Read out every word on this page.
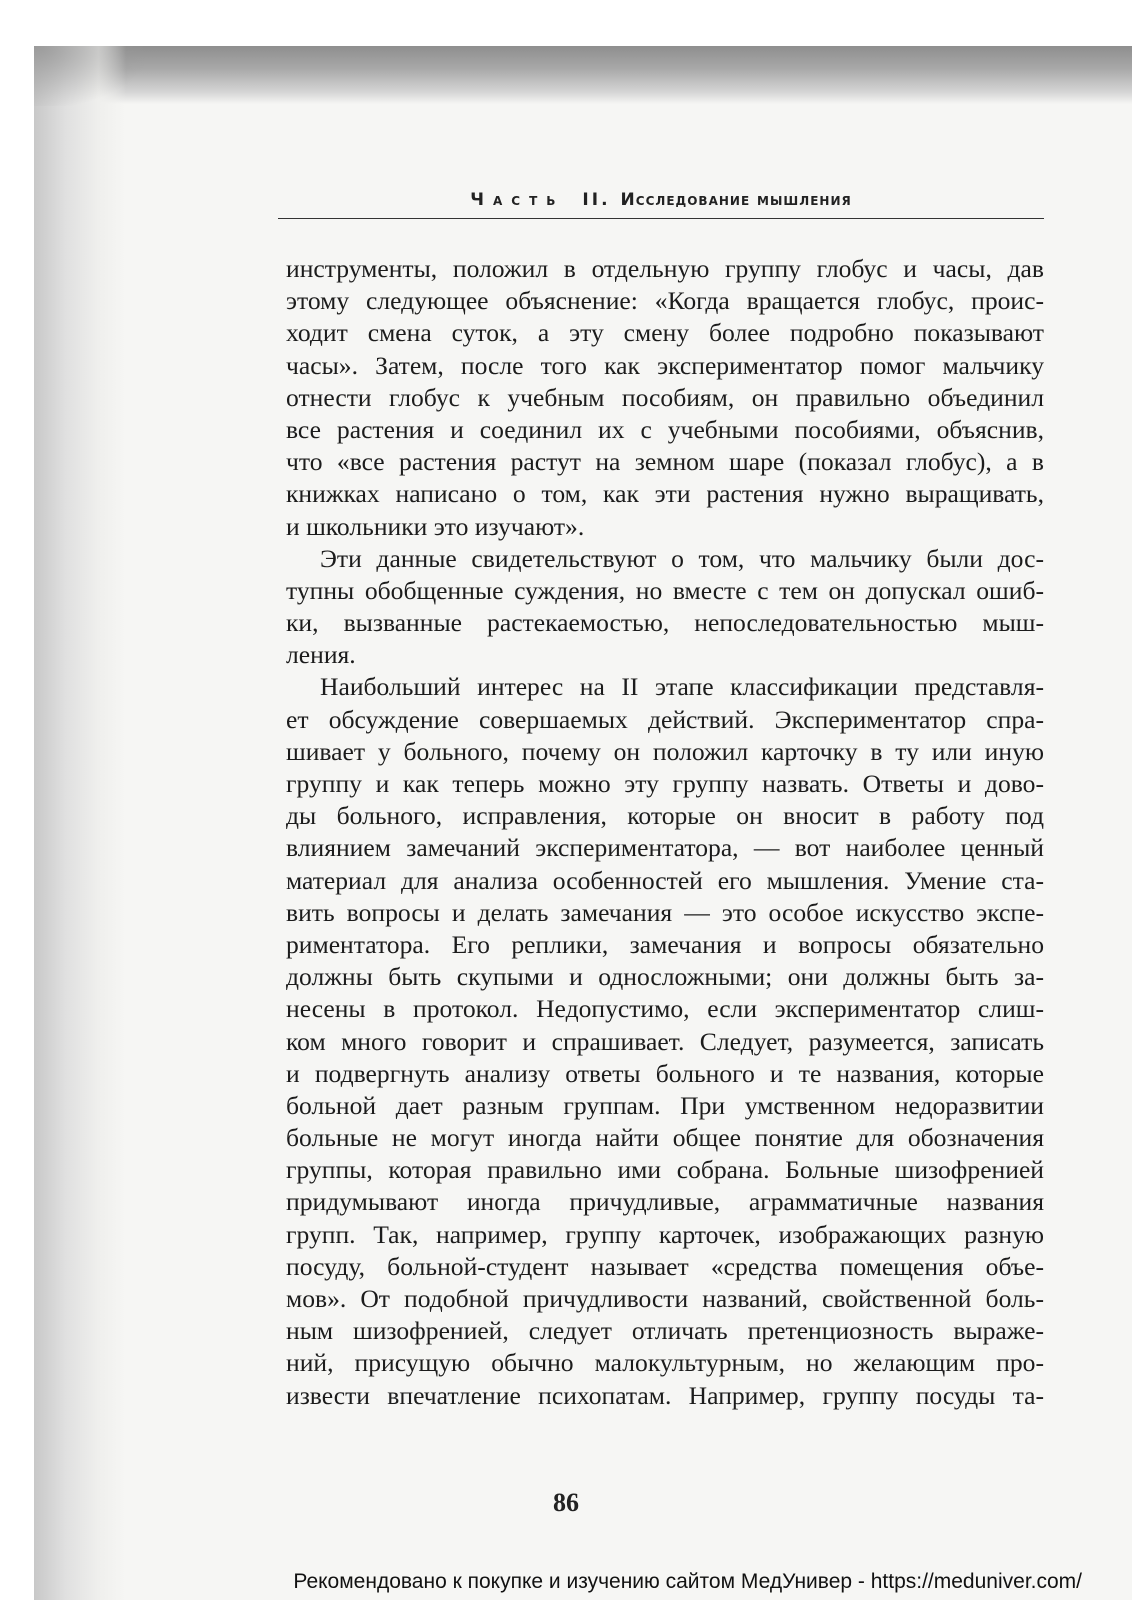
Часть II. Исследование мышления
инструменты, положил в отдельную группу глобус и часы, дав
этому следующее объяснение: «Когда вращается глобус, проис-
ходит смена суток, а эту смену более подробно показывают
часы». Затем, после того как экспериментатор помог мальчику
отнести глобус к учебным пособиям, он правильно объединил
все растения и соединил их с учебными пособиями, объяснив,
что «все растения растут на земном шаре (показал глобус), а в
книжках написано о том, как эти растения нужно выращивать,
и школьники это изучают».
Эти данные свидетельствуют о том, что мальчику были дос-
тупны обобщенные суждения, но вместе с тем он допускал ошиб-
ки, вызванные растекаемостью, непоследовательностью мыш-
ления.
Наибольший интерес на II этапе классификации представля-
ет обсуждение совершаемых действий. Экспериментатор спра-
шивает у больного, почему он положил карточку в ту или иную
группу и как теперь можно эту группу назвать. Ответы и дово-
ды больного, исправления, которые он вносит в работу под
влиянием замечаний экспериментатора, — вот наиболее ценный
материал для анализа особенностей его мышления. Умение ста-
вить вопросы и делать замечания — это особое искусство экспе-
риментатора. Его реплики, замечания и вопросы обязательно
должны быть скупыми и односложными; они должны быть за-
несены в протокол. Недопустимо, если экспериментатор слиш-
ком много говорит и спрашивает. Следует, разумеется, записать
и подвергнуть анализу ответы больного и те названия, которые
больной дает разным группам. При умственном недоразвитии
больные не могут иногда найти общее понятие для обозначения
группы, которая правильно ими собрана. Больные шизофренией
придумывают иногда причудливые, аграмматичные названия
групп. Так, например, группу карточек, изображающих разную
посуду, больной-студент называет «средства помещения объе-
мов». От подобной причудливости названий, свойственной боль-
ным шизофренией, следует отличать претенциозность выраже-
ний, присущую обычно малокультурным, но желающим про-
извести впечатление психопатам. Например, группу посуды та-
86
Рекомендовано к покупке и изучению сайтом МедУнивер - https://meduniver.com/
